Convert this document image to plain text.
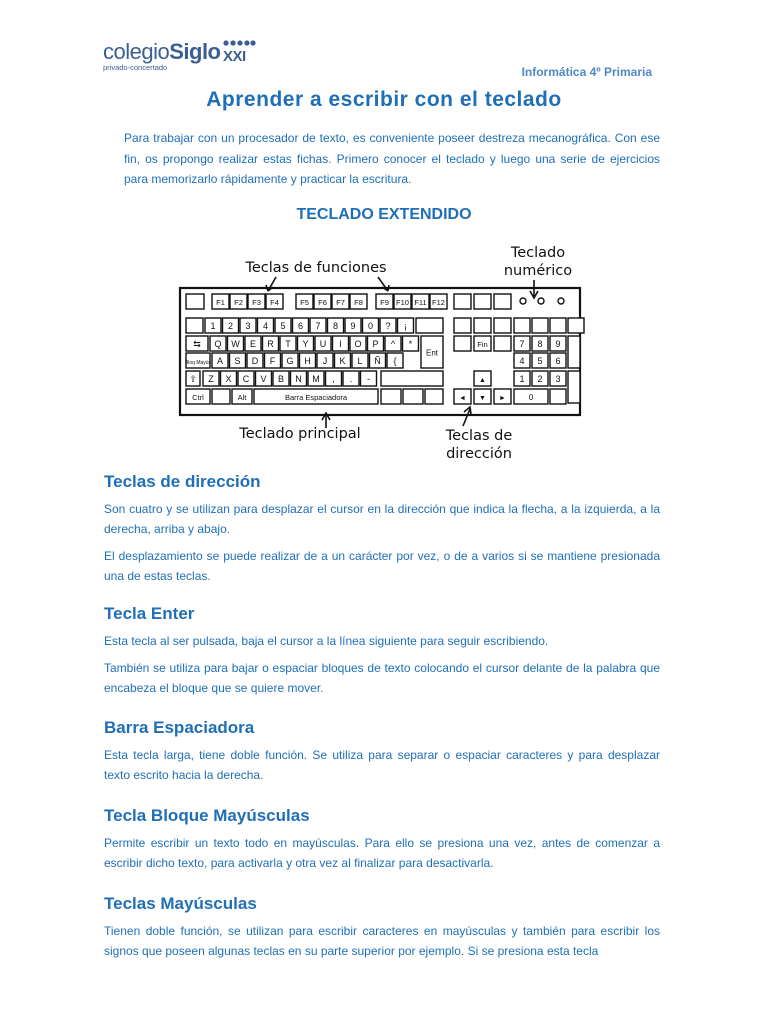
colegioSiglo XXI
privado-concertado	Informática 4º Primaria
Aprender a escribir con el teclado
Para trabajar con un procesador de texto, es conveniente poseer destreza mecanográfica. Con ese fin, os propongo realizar estas fichas. Primero conocer el teclado y luego una serie de ejercicios para memorizarlo rápidamente y practicar la escritura.
TECLADO EXTENDIDO
F1 F2 F3 F4	F5 F6 F7 F8 F9 F10 F11 F12
1 2 3 4 5 6 7 8 9 0 ? ¡
⇆ Q W E R T Y U I O P ^ *
Ent
Fin	7 8 9
Bloq Mayús A S D F G H J K L Ñ {	4 5 6
⇧ Z X C V B N M , . -	▲	1 2 3
Ctrl	Alt	Barra Espaciadora	◄ ▼ ►	0
Teclas de funciones
Teclado
numérico
Teclado principal	Teclas de
dirección
Teclas de dirección

Son cuatro y se utilizan para desplazar el cursor en la dirección que indica la flecha, a la izquierda, a la derecha, arriba y abajo.

El desplazamiento se puede realizar de a un carácter por vez, o de a varios si se mantiene presionada una de estas teclas.

Tecla Enter

Esta tecla al ser pulsada, baja el cursor a la línea siguiente para seguir escribiendo.

También se utiliza para bajar o espaciar bloques de texto colocando el cursor delante de la palabra que encabeza el bloque que se quiere mover.

Barra Espaciadora

Esta tecla larga, tiene doble función. Se utiliza para separar o espaciar caracteres y para desplazar texto escrito hacia la derecha.

Tecla Bloque Mayúsculas

Permite escribir un texto todo en mayúsculas. Para ello se presiona una vez, antes de comenzar a escribir dicho texto, para activarla y otra vez al finalizar para desactivarla.

Teclas Mayúsculas

Tienen doble función, se utilizan para escribir caracteres en mayúsculas y también para escribir los signos que poseen algunas teclas en su parte superior por ejemplo. Si se presiona esta tecla
